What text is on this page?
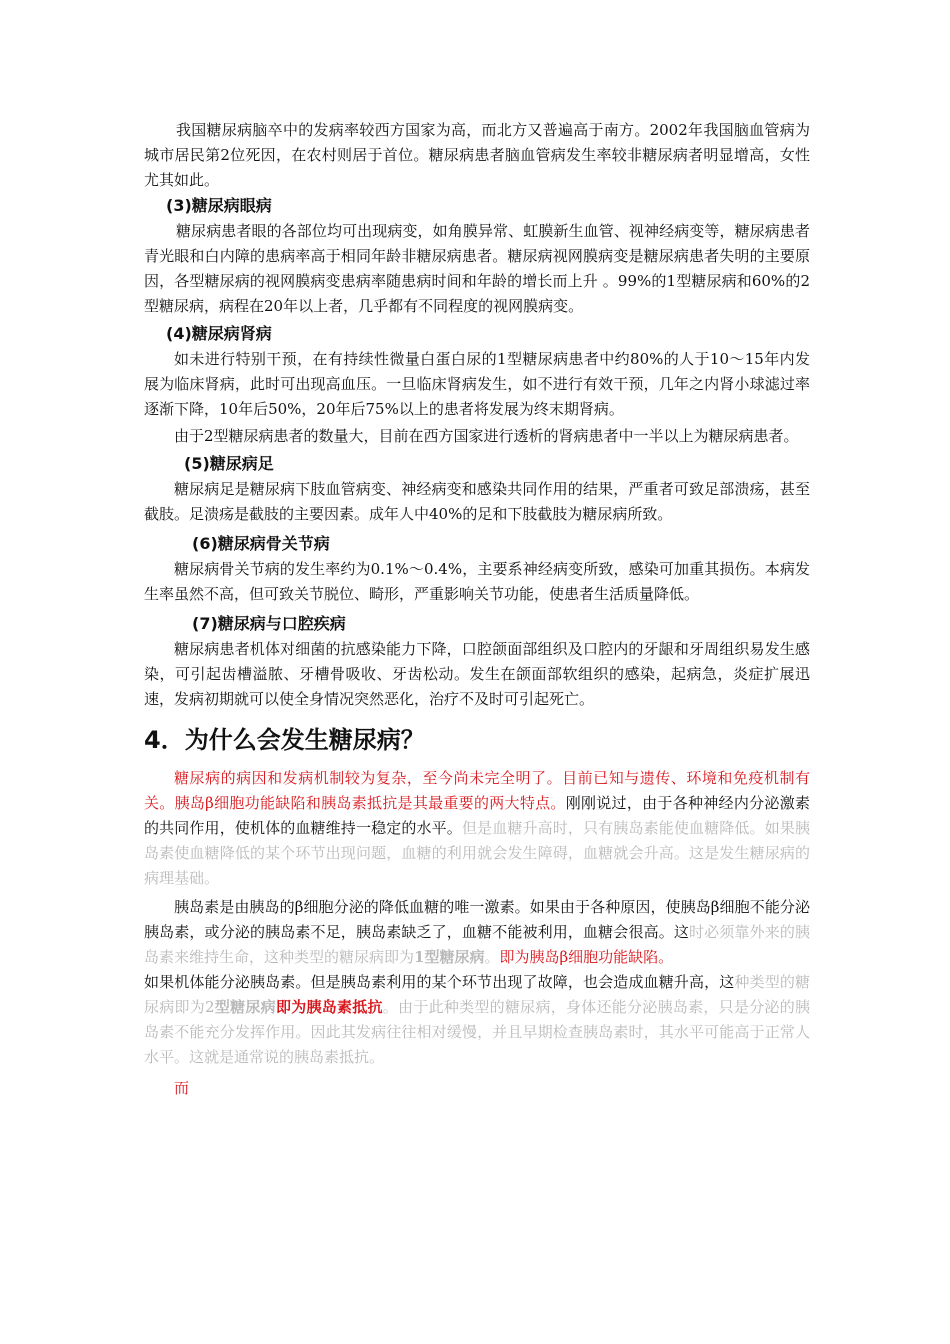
我国糖尿病脑卒中的发病率较西方国家为高，而北方又普遍高于南方。2002年我国脑血管病为城市居民第2位死因，在农村则居于首位。糖尿病患者脑血管病发生率较非糖尿病者明显增高，女性尤其如此。

(3)糖尿病眼病

糖尿病患者眼的各部位均可出现病变，如角膜异常、虹膜新生血管、视神经病变等，糖尿病患者青光眼和白内障的患病率高于相同年龄非糖尿病患者。糖尿病视网膜病变是糖尿病患者失明的主要原因，各型糖尿病的视网膜病变患病率随患病时间和年龄的增长而上升 。99%的1型糖尿病和60%的2型糖尿病，病程在20年以上者，几乎都有不同程度的视网膜病变。

(4)糖尿病肾病

如未进行特别干预，在有持续性微量白蛋白尿的1型糖尿病患者中约80%的人于10～15年内发展为临床肾病，此时可出现高血压。一旦临床肾病发生，如不进行有效干预，几年之内肾小球滤过率逐渐下降，10年后50%，20年后75%以上的患者将发展为终末期肾病。

由于2型糖尿病患者的数量大，目前在西方国家进行透析的肾病患者中一半以上为糖尿病患者。

(5)糖尿病足

糖尿病足是糖尿病下肢血管病变、神经病变和感染共同作用的结果，严重者可致足部溃疡，甚至截肢。足溃疡是截肢的主要因素。成年人中40%的足和下肢截肢为糖尿病所致。

(6)糖尿病骨关节病

糖尿病骨关节病的发生率约为0.1%～0.4%，主要系神经病变所致，感染可加重其损伤。本病发生率虽然不高，但可致关节脱位、畸形，严重影响关节功能，使患者生活质量降低。

(7)糖尿病与口腔疾病

糖尿病患者机体对细菌的抗感染能力下降，口腔颌面部组织及口腔内的牙龈和牙周组织易发生感染，可引起齿槽溢脓、牙槽骨吸收、牙齿松动。发生在颌面部软组织的感染，起病急，炎症扩展迅速，发病初期就可以使全身情况突然恶化，治疗不及时可引起死亡。

4．为什么会发生糖尿病？

糖尿病的病因和发病机制较为复杂，至今尚未完全明了。目前已知与遗传、环境和免疫机制有关。胰岛β细胞功能缺陷和胰岛素抵抗是其最重要的两大特点。刚刚说过，由于各种神经内分泌激素的共同作用，使机体的血糖维持一稳定的水平。但是血糖升高时，只有胰岛素能使血糖降低。如果胰岛素使血糖降低的某个环节出现问题，血糖的利用就会发生障碍，血糖就会升高。这是发生糖尿病的病理基础。

胰岛素是由胰岛的β细胞分泌的降低血糖的唯一激素。如果由于各种原因，使胰岛β细胞不能分泌胰岛素，或分泌的胰岛素不足，胰岛素缺乏了，血糖不能被利用，血糖会很高。这时必须靠外来的胰岛素来维持生命，这种类型的糖尿病即为1型糖尿病。即为胰岛β细胞功能缺陷。

如果机体能分泌胰岛素。但是胰岛素利用的某个环节出现了故障，也会造成血糖升高，这种类型的糖尿病即为2型糖尿病即为胰岛素抵抗。由于此种类型的糖尿病，身体还能分泌胰岛素，只是分泌的胰岛素不能充分发挥作用。因此其发病往往相对缓慢，并且早期检查胰岛素时，其水平可能高于正常人水平。这就是通常说的胰岛素抵抗。

而
